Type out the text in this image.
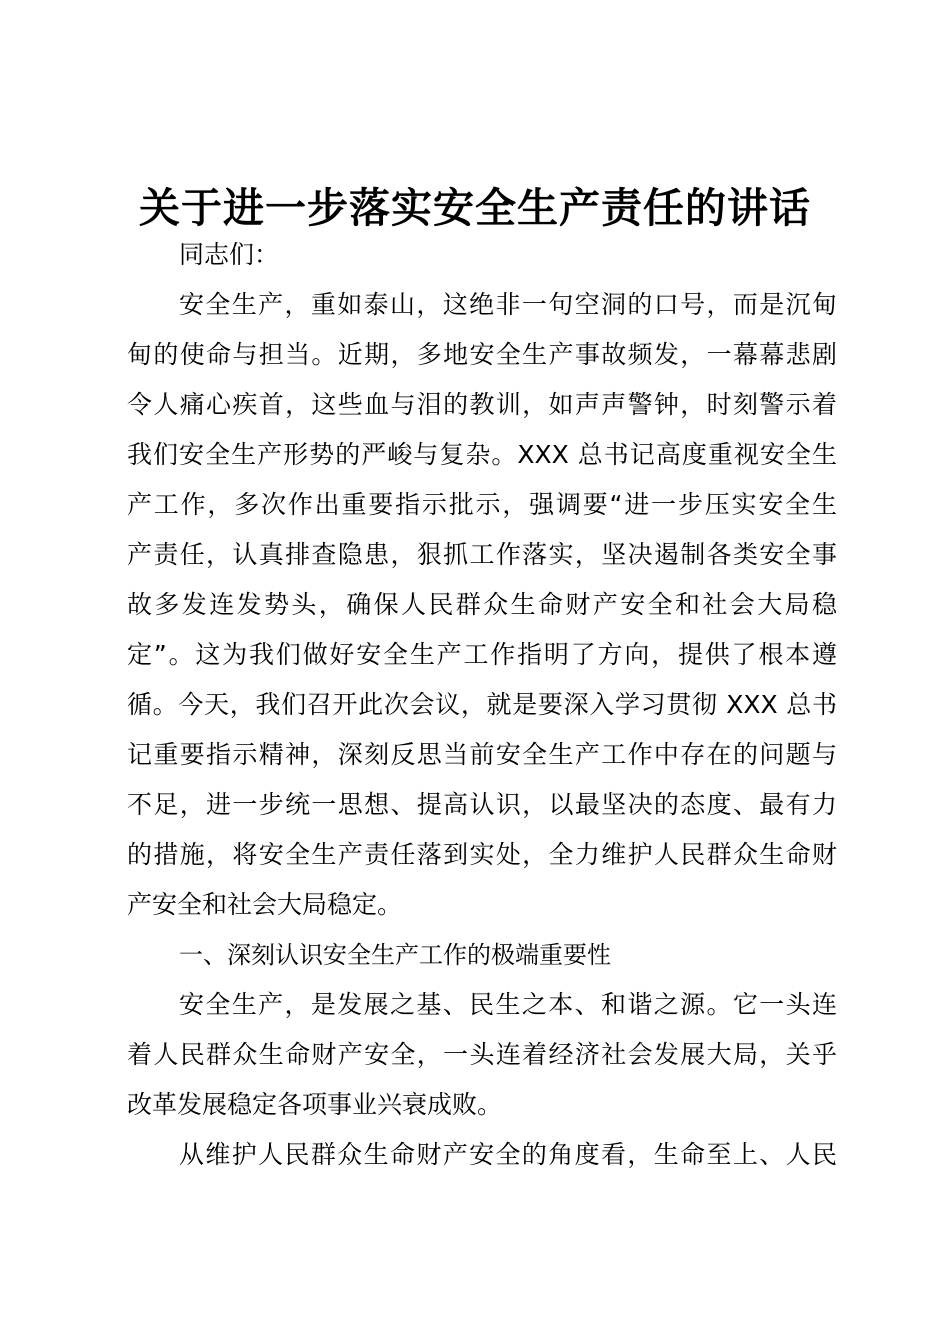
关于进一步落实安全生产责任的讲话
同志们：
安全生产，重如泰山，这绝非一句空洞的口号，而是沉甸
甸的使命与担当。近期，多地安全生产事故频发，一幕幕悲剧
令人痛心疾首，这些血与泪的教训，如声声警钟，时刻警示着
我们安全生产形势的严峻与复杂。XXX 总书记高度重视安全生
产工作，多次作出重要指示批示，强调要“进一步压实安全生
产责任，认真排查隐患，狠抓工作落实，坚决遏制各类安全事
故多发连发势头，确保人民群众生命财产安全和社会大局稳
定”。这为我们做好安全生产工作指明了方向，提供了根本遵
循。今天，我们召开此次会议，就是要深入学习贯彻 XXX 总书
记重要指示精神，深刻反思当前安全生产工作中存在的问题与
不足，进一步统一思想、提高认识，以最坚决的态度、最有力
的措施，将安全生产责任落到实处，全力维护人民群众生命财
产安全和社会大局稳定。
一、深刻认识安全生产工作的极端重要性
安全生产，是发展之基、民生之本、和谐之源。它一头连
着人民群众生命财产安全，一头连着经济社会发展大局，关乎
改革发展稳定各项事业兴衰成败。
从维护人民群众生命财产安全的角度看，生命至上、人民
